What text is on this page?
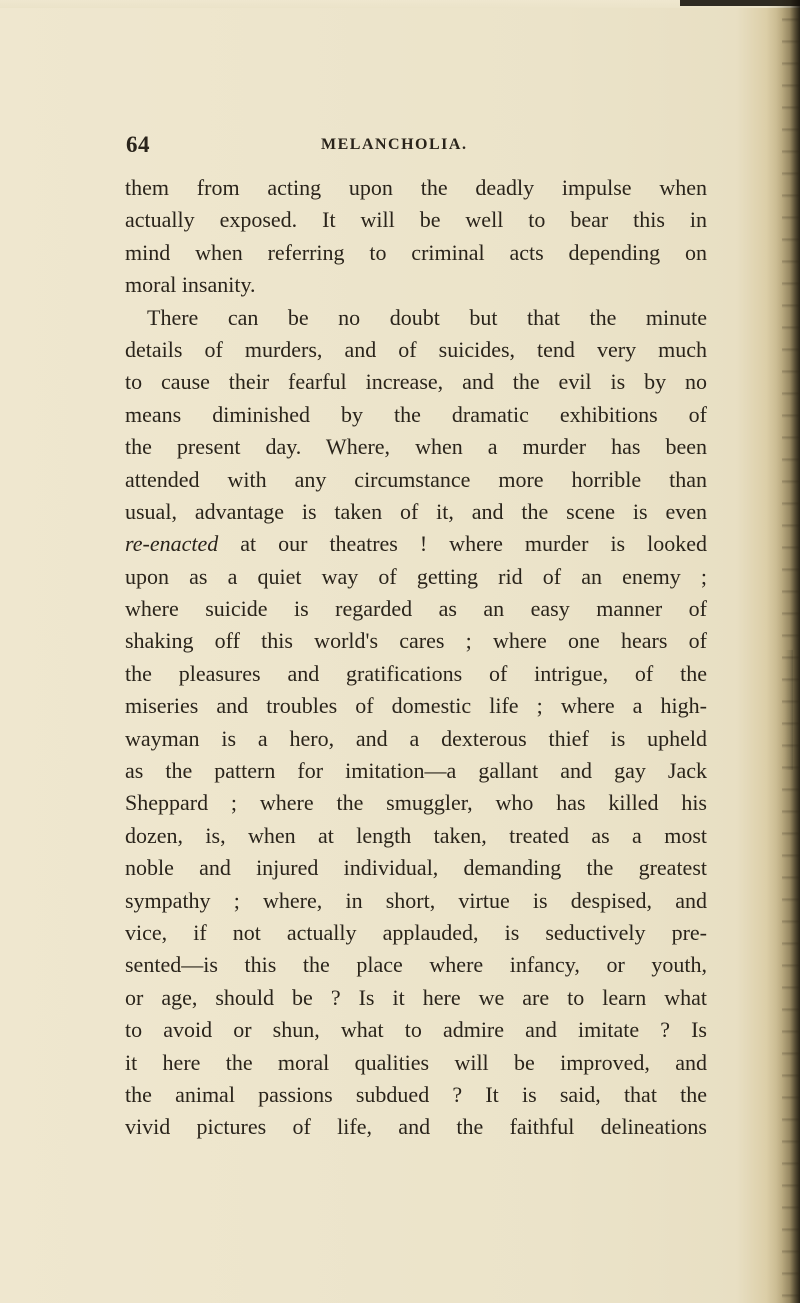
64	MELANCHOLIA.
them from acting upon the deadly impulse when
actually exposed. It will be well to bear this in
mind when referring to criminal acts depending on
moral insanity.
There can be no doubt but that the minute
details of murders, and of suicides, tend very much
to cause their fearful increase, and the evil is by no
means diminished by the dramatic exhibitions of
the present day. Where, when a murder has been
attended with any circumstance more horrible than
usual, advantage is taken of it, and the scene is even
re-enacted at our theatres ! where murder is looked
upon as a quiet way of getting rid of an enemy ;
where suicide is regarded as an easy manner of
shaking off this world's cares ; where one hears of
the pleasures and gratifications of intrigue, of the
miseries and troubles of domestic life ; where a high-
wayman is a hero, and a dexterous thief is upheld
as the pattern for imitation—a gallant and gay Jack
Sheppard ; where the smuggler, who has killed his
dozen, is, when at length taken, treated as a most
noble and injured individual, demanding the greatest
sympathy ; where, in short, virtue is despised, and
vice, if not actually applauded, is seductively pre-
sented—is this the place where infancy, or youth,
or age, should be ? Is it here we are to learn what
to avoid or shun, what to admire and imitate ? Is
it here the moral qualities will be improved, and
the animal passions subdued ? It is said, that the
vivid pictures of life, and the faithful delineations
